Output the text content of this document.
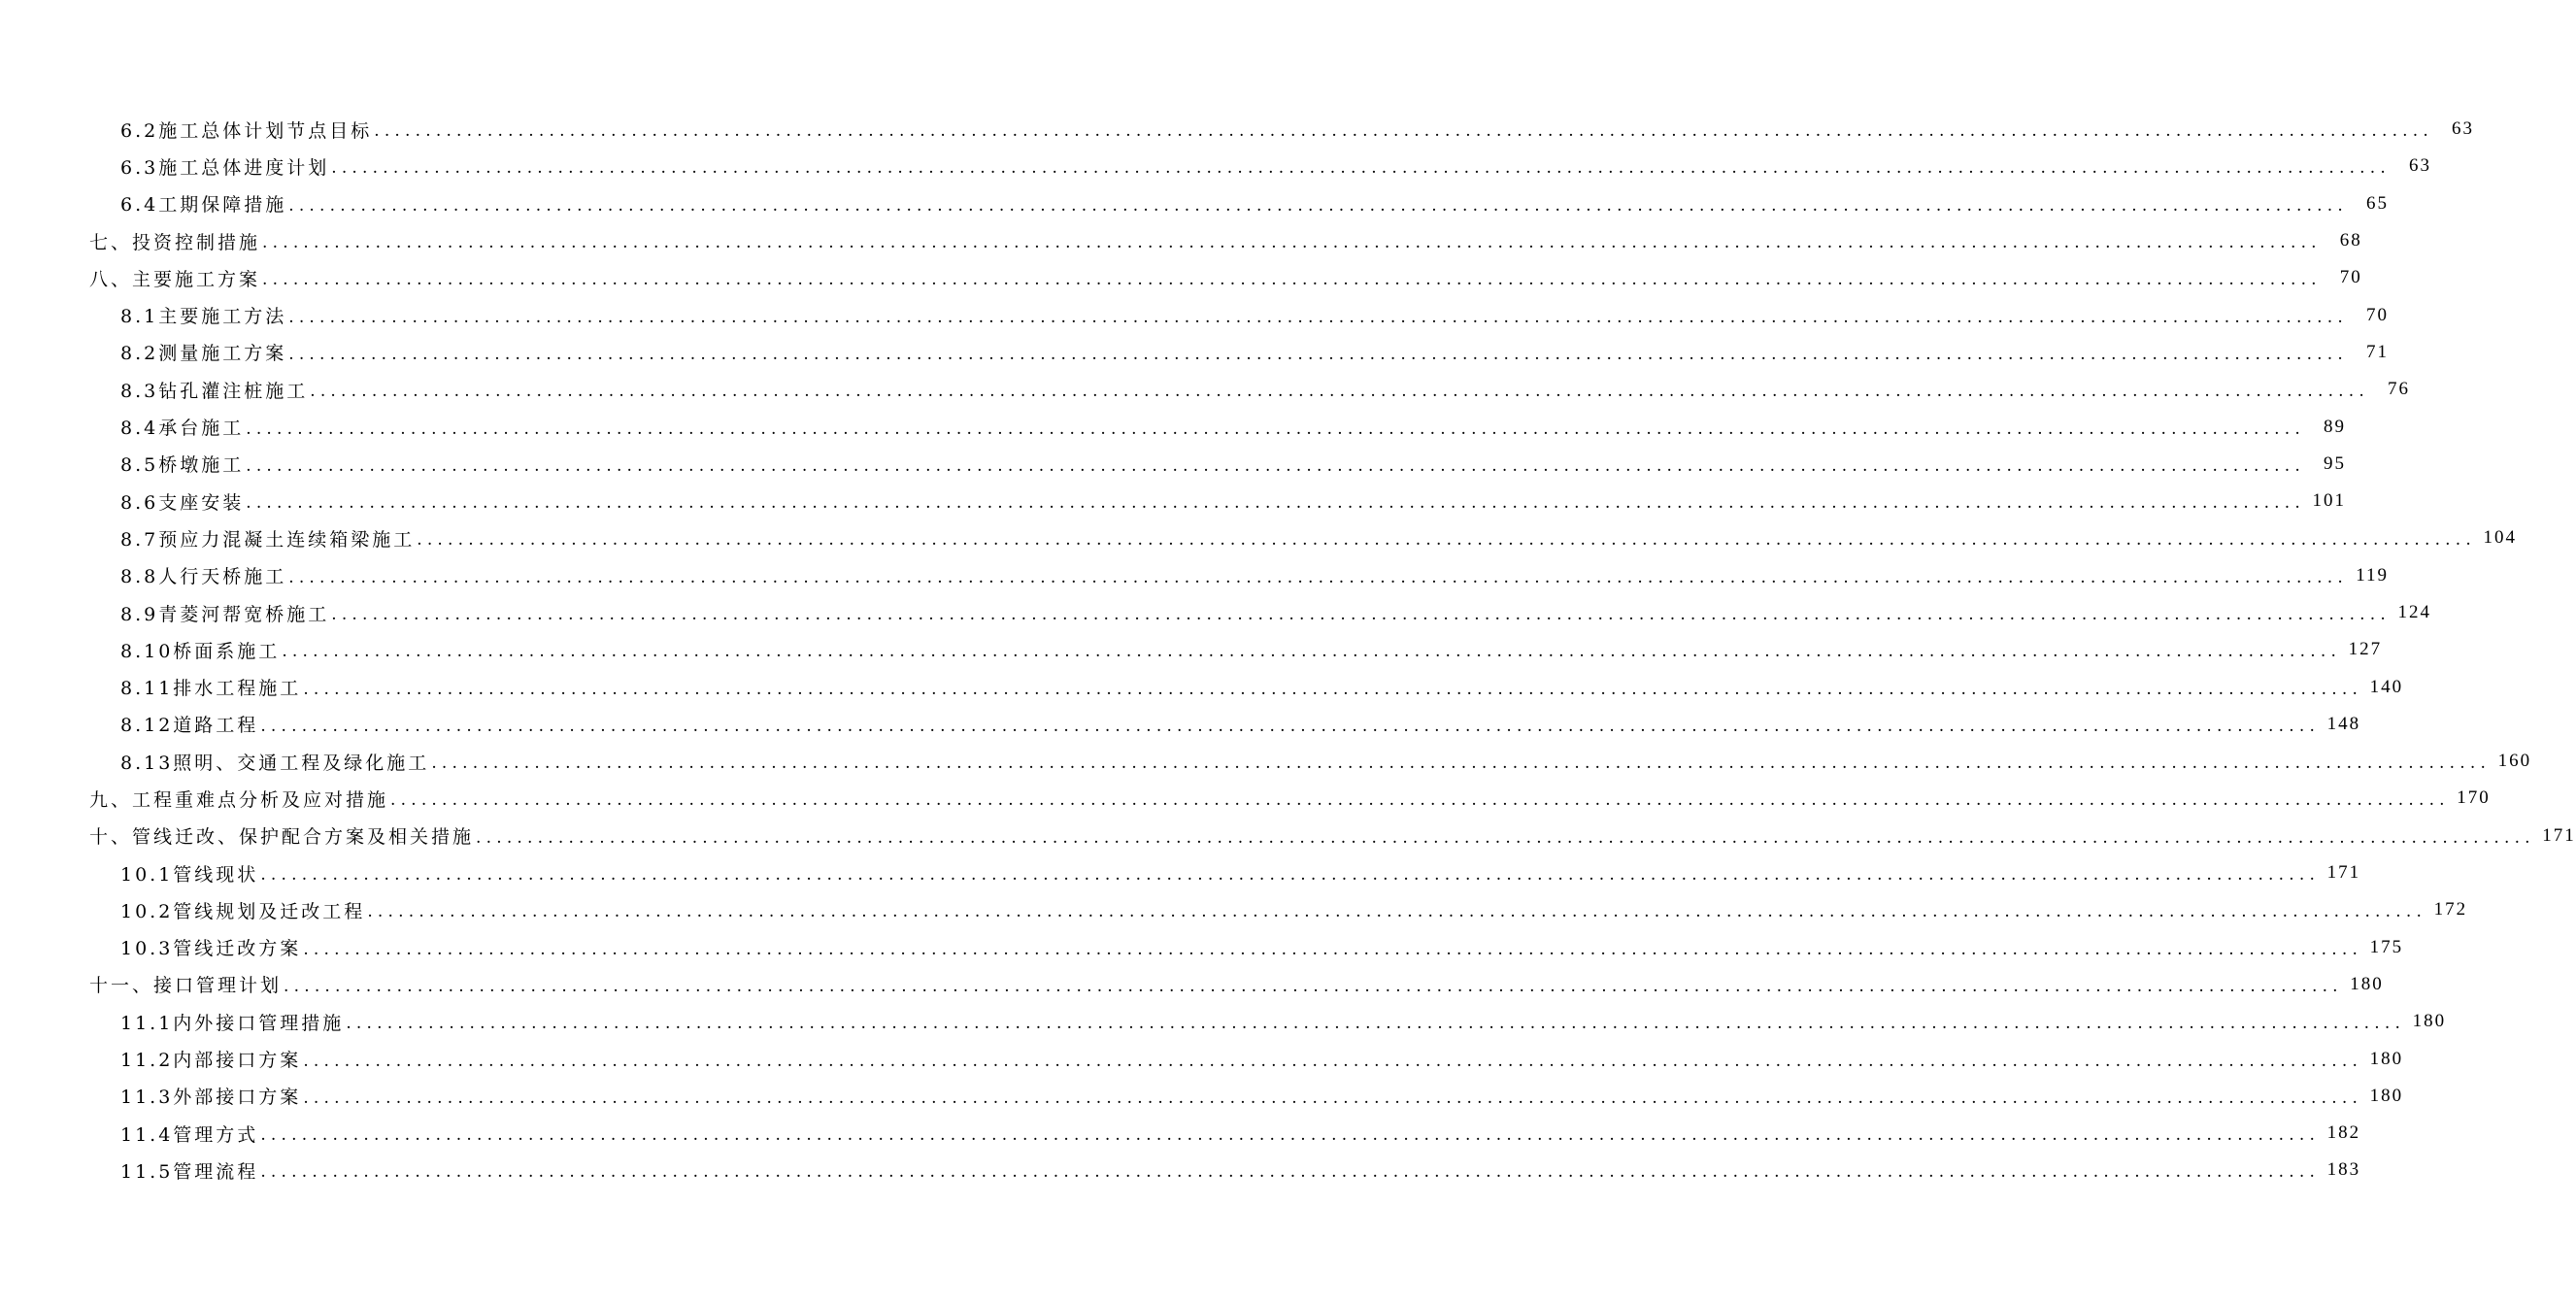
6.2施工总体计划节点目标 ........................................................................................................................................................................................................	63
6.3施工总体进度计划 ........................................................................................................................................................................................................	63
6.4工期保障措施 ........................................................................................................................................................................................................	65
七、投资控制措施 ........................................................................................................................................................................................................	68
八、主要施工方案 ........................................................................................................................................................................................................	70
8.1主要施工方法 ........................................................................................................................................................................................................	70
8.2测量施工方案 ........................................................................................................................................................................................................	71
8.3钻孔灌注桩施工 ........................................................................................................................................................................................................	76
8.4承台施工 ........................................................................................................................................................................................................	89
8.5桥墩施工 ........................................................................................................................................................................................................	95
8.6支座安装 ........................................................................................................................................................................................................ 101
8.7预应力混凝土连续箱梁施工 ........................................................................................................................................................................................................ 104
8.8人行天桥施工 ........................................................................................................................................................................................................ 119
8.9青菱河帮宽桥施工 ........................................................................................................................................................................................................ 124
8.10桥面系施工 ........................................................................................................................................................................................................ 127
8.11排水工程施工 ........................................................................................................................................................................................................ 140
8.12道路工程 ........................................................................................................................................................................................................ 148
8.13照明、交通工程及绿化施工 ........................................................................................................................................................................................................ 160
九、工程重难点分析及应对措施 ........................................................................................................................................................................................................ 170
十、管线迁改、保护配合方案及相关措施 ........................................................................................................................................................................................................ 171
10.1管线现状 ........................................................................................................................................................................................................ 171
10.2管线规划及迁改工程 ........................................................................................................................................................................................................ 172
10.3管线迁改方案 ........................................................................................................................................................................................................ 175
十一、接口管理计划 ........................................................................................................................................................................................................ 180
11.1内外接口管理措施 ........................................................................................................................................................................................................ 180
11.2内部接口方案 ........................................................................................................................................................................................................ 180
11.3外部接口方案 ........................................................................................................................................................................................................ 180
11.4管理方式 ........................................................................................................................................................................................................ 182
11.5管理流程 ........................................................................................................................................................................................................ 183
